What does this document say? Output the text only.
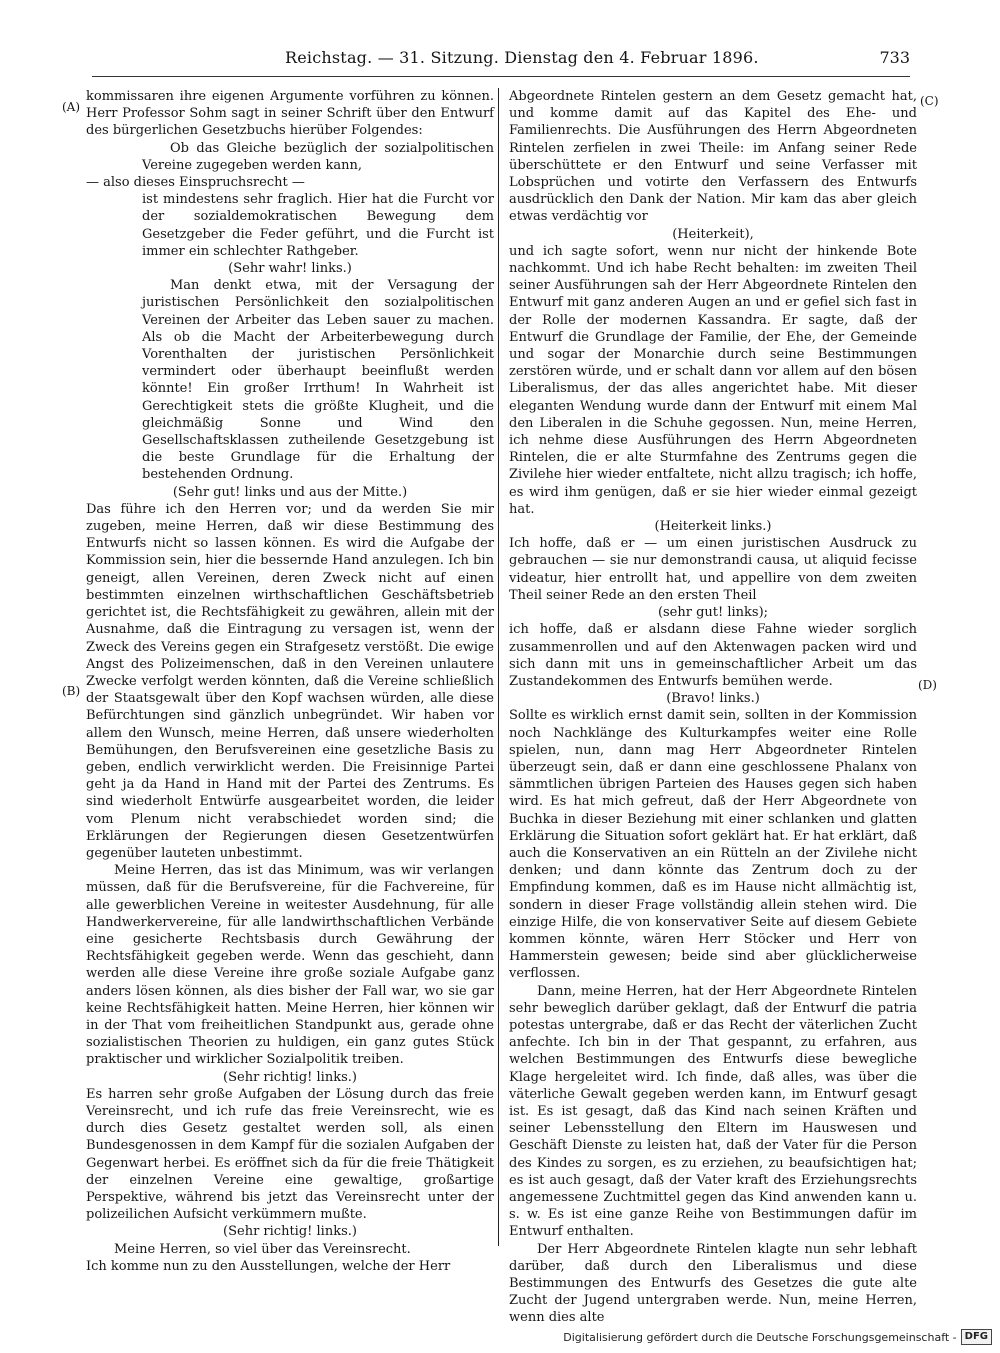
Reichstag. — 31. Sitzung. Dienstag den 4. Februar 1896.	733
(A)
(B)
(C)
(D)

kommissaren ihre eigenen Argumente vorführen zu können. Herr Professor Sohm sagt in seiner Schrift über den Entwurf des bürgerlichen Gesetzbuchs hierüber Folgendes:

Ob das Gleiche bezüglich der sozialpolitischen Vereine zugegeben werden kann,

— also dieses Einspruchsrecht —

ist mindestens sehr fraglich. Hier hat die Furcht vor der sozialdemokratischen Bewegung dem Gesetzgeber die Feder geführt, und die Furcht ist immer ein schlechter Rathgeber.

(Sehr wahr! links.)

Man denkt etwa, mit der Versagung der juristischen Persönlichkeit den sozialpolitischen Vereinen der Arbeiter das Leben sauer zu machen. Als ob die Macht der Arbeiterbewegung durch Vorenthalten der juristischen Persönlichkeit vermindert oder überhaupt beeinflußt werden könnte! Ein großer Irrthum! In Wahrheit ist Gerechtigkeit stets die größte Klugheit, und die gleichmäßig Sonne und Wind den Gesellschaftsklassen zutheilende Gesetzgebung ist die beste Grundlage für die Erhaltung der bestehenden Ordnung.

(Sehr gut! links und aus der Mitte.)

Das führe ich den Herren vor; und da werden Sie mir zugeben, meine Herren, daß wir diese Bestimmung des Entwurfs nicht so lassen können. Es wird die Aufgabe der Kommission sein, hier die bessernde Hand anzulegen. Ich bin geneigt, allen Vereinen, deren Zweck nicht auf einen bestimmten einzelnen wirthschaftlichen Geschäftsbetrieb gerichtet ist, die Rechtsfähigkeit zu gewähren, allein mit der Ausnahme, daß die Eintragung zu versagen ist, wenn der Zweck des Vereins gegen ein Strafgesetz verstößt. Die ewige Angst des Polizeimenschen, daß in den Vereinen unlautere Zwecke verfolgt werden könnten, daß die Vereine schließlich der Staatsgewalt über den Kopf wachsen würden, alle diese Befürchtungen sind gänzlich unbegründet. Wir haben vor allem den Wunsch, meine Herren, daß unsere wiederholten Bemühungen, den Berufsvereinen eine gesetzliche Basis zu geben, endlich verwirklicht werden. Die Freisinnige Partei geht ja da Hand in Hand mit der Partei des Zentrums. Es sind wiederholt Entwürfe ausgearbeitet worden, die leider vom Plenum nicht verabschiedet worden sind; die Erklärungen der Regierungen diesen Gesetzentwürfen gegenüber lauteten unbestimmt.

Meine Herren, das ist das Minimum, was wir verlangen müssen, daß für die Berufsvereine, für die Fachvereine, für alle gewerblichen Vereine in weitester Ausdehnung, für alle Handwerkervereine, für alle landwirthschaftlichen Verbände eine gesicherte Rechtsbasis durch Gewährung der Rechtsfähigkeit gegeben werde. Wenn das geschieht, dann werden alle diese Vereine ihre große soziale Aufgabe ganz anders lösen können, als dies bisher der Fall war, wo sie gar keine Rechtsfähigkeit hatten. Meine Herren, hier können wir in der That vom freiheitlichen Standpunkt aus, gerade ohne sozialistischen Theorien zu huldigen, ein ganz gutes Stück praktischer und wirklicher Sozialpolitik treiben.

(Sehr richtig! links.)

Es harren sehr große Aufgaben der Lösung durch das freie Vereinsrecht, und ich rufe das freie Vereinsrecht, wie es durch dies Gesetz gestaltet werden soll, als einen Bundesgenossen in dem Kampf für die sozialen Aufgaben der Gegenwart herbei. Es eröffnet sich da für die freie Thätigkeit der einzelnen Vereine eine gewaltige, großartige Perspektive, während bis jetzt das Vereinsrecht unter der polizeilichen Aufsicht verkümmern mußte.

(Sehr richtig! links.)

Meine Herren, so viel über das Vereinsrecht.

Ich komme nun zu den Ausstellungen, welche der Herr

Abgeordnete Rintelen gestern an dem Gesetz gemacht hat, und komme damit auf das Kapitel des Ehe- und Familienrechts. Die Ausführungen des Herrn Abgeordneten Rintelen zerfielen in zwei Theile: im Anfang seiner Rede überschüttete er den Entwurf und seine Verfasser mit Lobsprüchen und votirte den Verfassern des Entwurfs ausdrücklich den Dank der Nation. Mir kam das aber gleich etwas verdächtig vor

(Heiterkeit),

und ich sagte sofort, wenn nur nicht der hinkende Bote nachkommt. Und ich habe Recht behalten: im zweiten Theil seiner Ausführungen sah der Herr Abgeordnete Rintelen den Entwurf mit ganz anderen Augen an und er gefiel sich fast in der Rolle der modernen Kassandra. Er sagte, daß der Entwurf die Grundlage der Familie, der Ehe, der Gemeinde und sogar der Monarchie durch seine Bestimmungen zerstören würde, und er schalt dann vor allem auf den bösen Liberalismus, der das alles angerichtet habe. Mit dieser eleganten Wendung wurde dann der Entwurf mit einem Mal den Liberalen in die Schuhe gegossen. Nun, meine Herren, ich nehme diese Ausführungen des Herrn Abgeordneten Rintelen, die er alte Sturmfahne des Zentrums gegen die Zivilehe hier wieder entfaltete, nicht allzu tragisch; ich hoffe, es wird ihm genügen, daß er sie hier wieder einmal gezeigt hat.

(Heiterkeit links.)

Ich hoffe, daß er — um einen juristischen Ausdruck zu gebrauchen — sie nur demonstrandi causa, ut aliquid fecisse videatur, hier entrollt hat, und appellire von dem zweiten Theil seiner Rede an den ersten Theil

(sehr gut! links);

ich hoffe, daß er alsdann diese Fahne wieder sorglich zusammenrollen und auf den Aktenwagen packen wird und sich dann mit uns in gemeinschaftlicher Arbeit um das Zustandekommen des Entwurfs bemühen werde.

(Bravo! links.)

Sollte es wirklich ernst damit sein, sollten in der Kommission noch Nachklänge des Kulturkampfes weiter eine Rolle spielen, nun, dann mag Herr Abgeordneter Rintelen überzeugt sein, daß er dann eine geschlossene Phalanx von sämmtlichen übrigen Parteien des Hauses gegen sich haben wird. Es hat mich gefreut, daß der Herr Abgeordnete von Buchka in dieser Beziehung mit einer schlanken und glatten Erklärung die Situation sofort geklärt hat. Er hat erklärt, daß auch die Konservativen an ein Rütteln an der Zivilehe nicht denken; und dann könnte das Zentrum doch zu der Empfindung kommen, daß es im Hause nicht allmächtig ist, sondern in dieser Frage vollständig allein stehen wird. Die einzige Hilfe, die von konservativer Seite auf diesem Gebiete kommen könnte, wären Herr Stöcker und Herr von Hammerstein gewesen; beide sind aber glücklicherweise verflossen.

Dann, meine Herren, hat der Herr Abgeordnete Rintelen sehr beweglich darüber geklagt, daß der Entwurf die patria potestas untergrabe, daß er das Recht der väterlichen Zucht anfechte. Ich bin in der That gespannt, zu erfahren, aus welchen Bestimmungen des Entwurfs diese bewegliche Klage hergeleitet wird. Ich finde, daß alles, was über die väterliche Gewalt gegeben werden kann, im Entwurf gesagt ist. Es ist gesagt, daß das Kind nach seinen Kräften und seiner Lebensstellung den Eltern im Hauswesen und Geschäft Dienste zu leisten hat, daß der Vater für die Person des Kindes zu sorgen, es zu erziehen, zu beaufsichtigen hat; es ist auch gesagt, daß der Vater kraft des Erziehungsrechts angemessene Zuchtmittel gegen das Kind anwenden kann u. s. w. Es ist eine ganze Reihe von Bestimmungen dafür im Entwurf enthalten.

Der Herr Abgeordnete Rintelen klagte nun sehr lebhaft darüber, daß durch den Liberalismus und diese Bestimmungen des Entwurfs des Gesetzes die gute alte Zucht der Jugend untergraben werde. Nun, meine Herren, wenn dies alte

Digitalisierung gefördert durch die Deutsche Forschungsgemeinschaft - DFG
